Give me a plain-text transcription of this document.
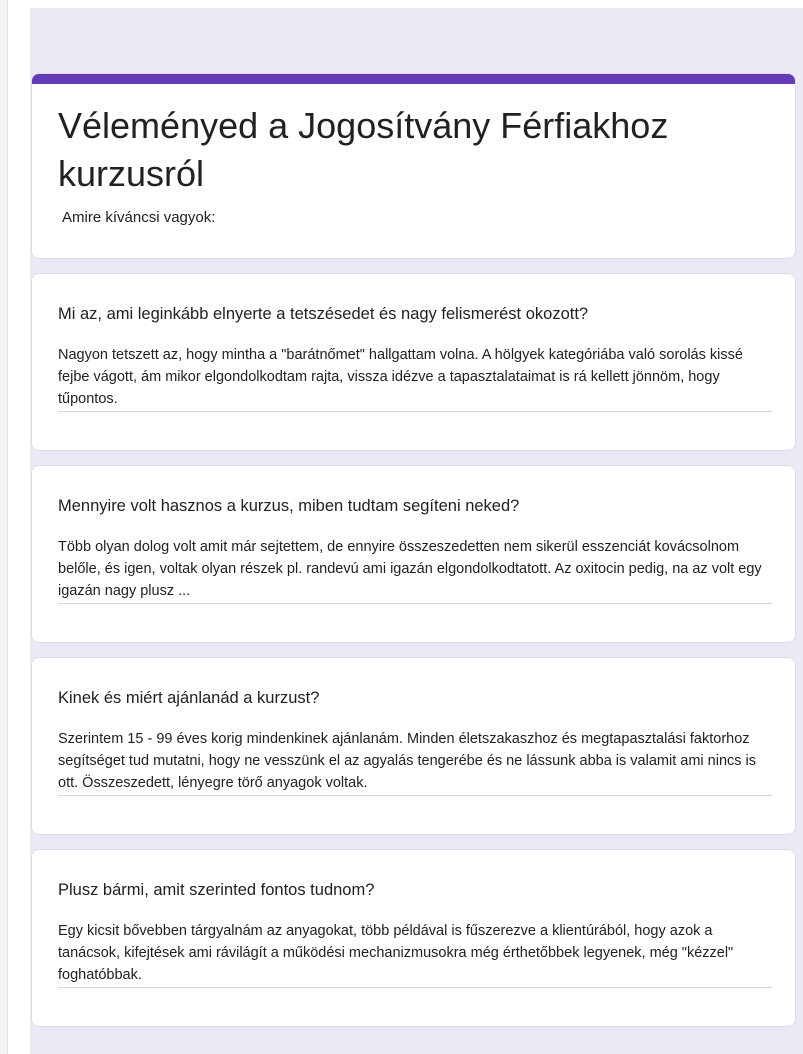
Véleményed a Jogosítvány Férfiakhoz kurzusról
Amire kíváncsi vagyok:
Mi az, ami leginkább elnyerte a tetszésedet és nagy felismerést okozott?
Nagyon tetszett az, hogy mintha a "barátnőmet" hallgattam volna. A hölgyek kategóriába való sorolás kissé fejbe vágott, ám mikor elgondolkodtam rajta, vissza idézve a tapasztalataimat is rá kellett jönnöm, hogy tűpontos.
Mennyire volt hasznos a kurzus, miben tudtam segíteni neked?
Több olyan dolog volt amit már sejtettem, de ennyire összeszedetten nem sikerül esszenciát kovácsolnom belőle, és igen, voltak olyan részek pl. randevú ami igazán elgondolkodtatott. Az oxitocin pedig, na az volt egy igazán nagy plusz ...
Kinek és miért ajánlanád a kurzust?
Szerintem 15 - 99 éves korig mindenkinek ajánlanám. Minden életszakaszhoz és megtapasztalási faktorhoz segítséget tud mutatni, hogy ne vesszünk el az agyalás tengerébe és ne lássunk abba is valamit ami nincs is ott. Összeszedett, lényegre törő anyagok voltak.
Plusz bármi, amit szerinted fontos tudnom?
Egy kicsit bővebben tárgyalnám az anyagokat, több példával is fűszerezve a klientúrából, hogy azok a tanácsok, kifejtések ami rávilágít a működési mechanizmusokra még érthetőbbek legyenek, még "kézzel" foghatóbbak.
